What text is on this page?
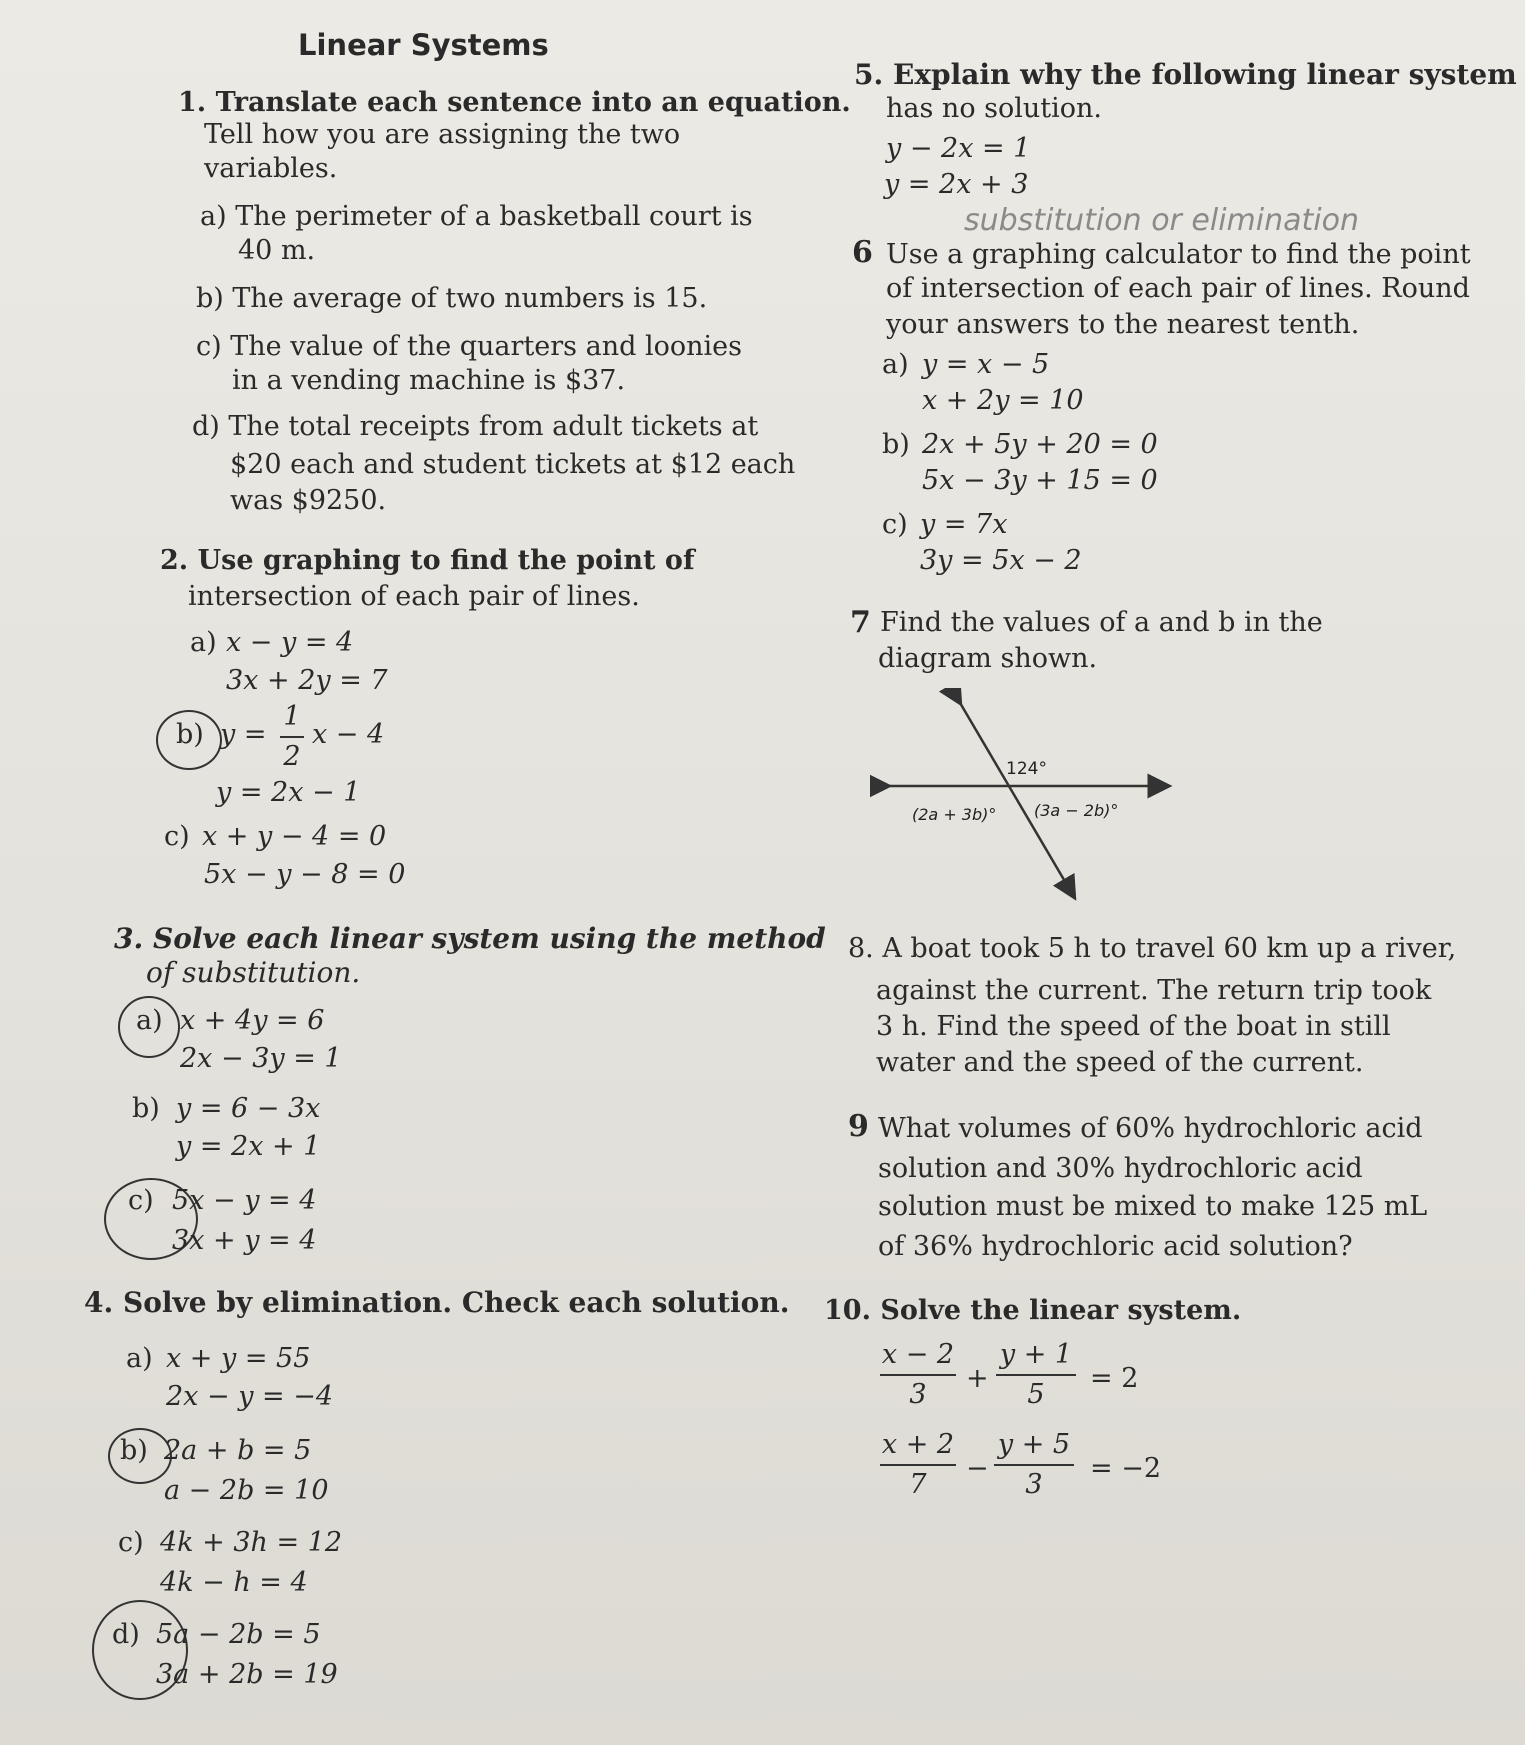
Linear Systems
1. Translate each sentence into an equation.
Tell how you are assigning the two
variables.
a) The perimeter of a basketball court is
40 m.
b) The average of two numbers is 15.
c) The value of the quarters and loonies
in a vending machine is $37.
d) The total receipts from adult tickets at
$20 each and student tickets at $12 each
was $9250.
2. Use graphing to find the point of
intersection of each pair of lines.
a) x − y = 4
3x + 2y = 7
b) y =
1
2
x − 4
y = 2x − 1
c) x + y − 4 = 0
5x − y − 8 = 0
3. Solve each linear system using the method
of substitution.
a) x + 4y = 6
2x − 3y = 1
b) y = 6 − 3x
y = 2x + 1
c) 5x − y = 4
3x + y = 4
4. Solve by elimination. Check each solution.
a) x + y = 55
2x − y = −4
b) 2a + b = 5
a − 2b = 10
c) 4k + 3h = 12
4k − h = 4
d) 5a − 2b = 5
3a + 2b = 19
5. Explain why the following linear system
has no solution.
y − 2x = 1
y = 2x + 3
substitution or elimination
6 Use a graphing calculator to find the point
of intersection of each pair of lines. Round
your answers to the nearest tenth.
a) y = x − 5
x + 2y = 10
b) 2x + 5y + 20 = 0
5x − 3y + 15 = 0
c) y = 7x
3y = 5x − 2
7 Find the values of a and b in the
diagram shown.
124°
(2a + 3b)° (3a − 2b)°
8. A boat took 5 h to travel 60 km up a river,
against the current. The return trip took
3 h. Find the speed of the boat in still
water and the speed of the current.
9 What volumes of 60% hydrochloric acid
solution and 30% hydrochloric acid
solution must be mixed to make 125 mL
of 36% hydrochloric acid solution?
10. Solve the linear system.
x − 2
3
+
y + 1
5
= 2
x + 2
7
−
y + 5
3
= −2
